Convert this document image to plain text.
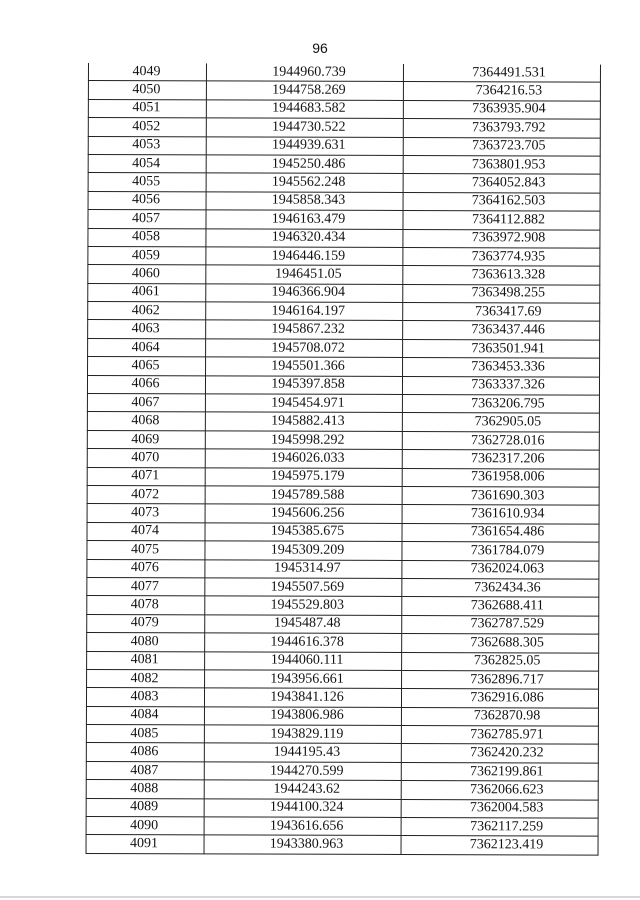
96
4049	1944960.739	7364491.531
4050	1944758.269	7364216.53
4051	1944683.582	7363935.904
4052	1944730.522	7363793.792
4053	1944939.631	7363723.705
4054	1945250.486	7363801.953
4055	1945562.248	7364052.843
4056	1945858.343	7364162.503
4057	1946163.479	7364112.882
4058	1946320.434	7363972.908
4059	1946446.159	7363774.935
4060	1946451.05	7363613.328
4061	1946366.904	7363498.255
4062	1946164.197	7363417.69
4063	1945867.232	7363437.446
4064	1945708.072	7363501.941
4065	1945501.366	7363453.336
4066	1945397.858	7363337.326
4067	1945454.971	7363206.795
4068	1945882.413	7362905.05
4069	1945998.292	7362728.016
4070	1946026.033	7362317.206
4071	1945975.179	7361958.006
4072	1945789.588	7361690.303
4073	1945606.256	7361610.934
4074	1945385.675	7361654.486
4075	1945309.209	7361784.079
4076	1945314.97	7362024.063
4077	1945507.569	7362434.36
4078	1945529.803	7362688.411
4079	1945487.48	7362787.529
4080	1944616.378	7362688.305
4081	1944060.111	7362825.05
4082	1943956.661	7362896.717
4083	1943841.126	7362916.086
4084	1943806.986	7362870.98
4085	1943829.119	7362785.971
4086	1944195.43	7362420.232
4087	1944270.599	7362199.861
4088	1944243.62	7362066.623
4089	1944100.324	7362004.583
4090	1943616.656	7362117.259
4091	1943380.963	7362123.419
